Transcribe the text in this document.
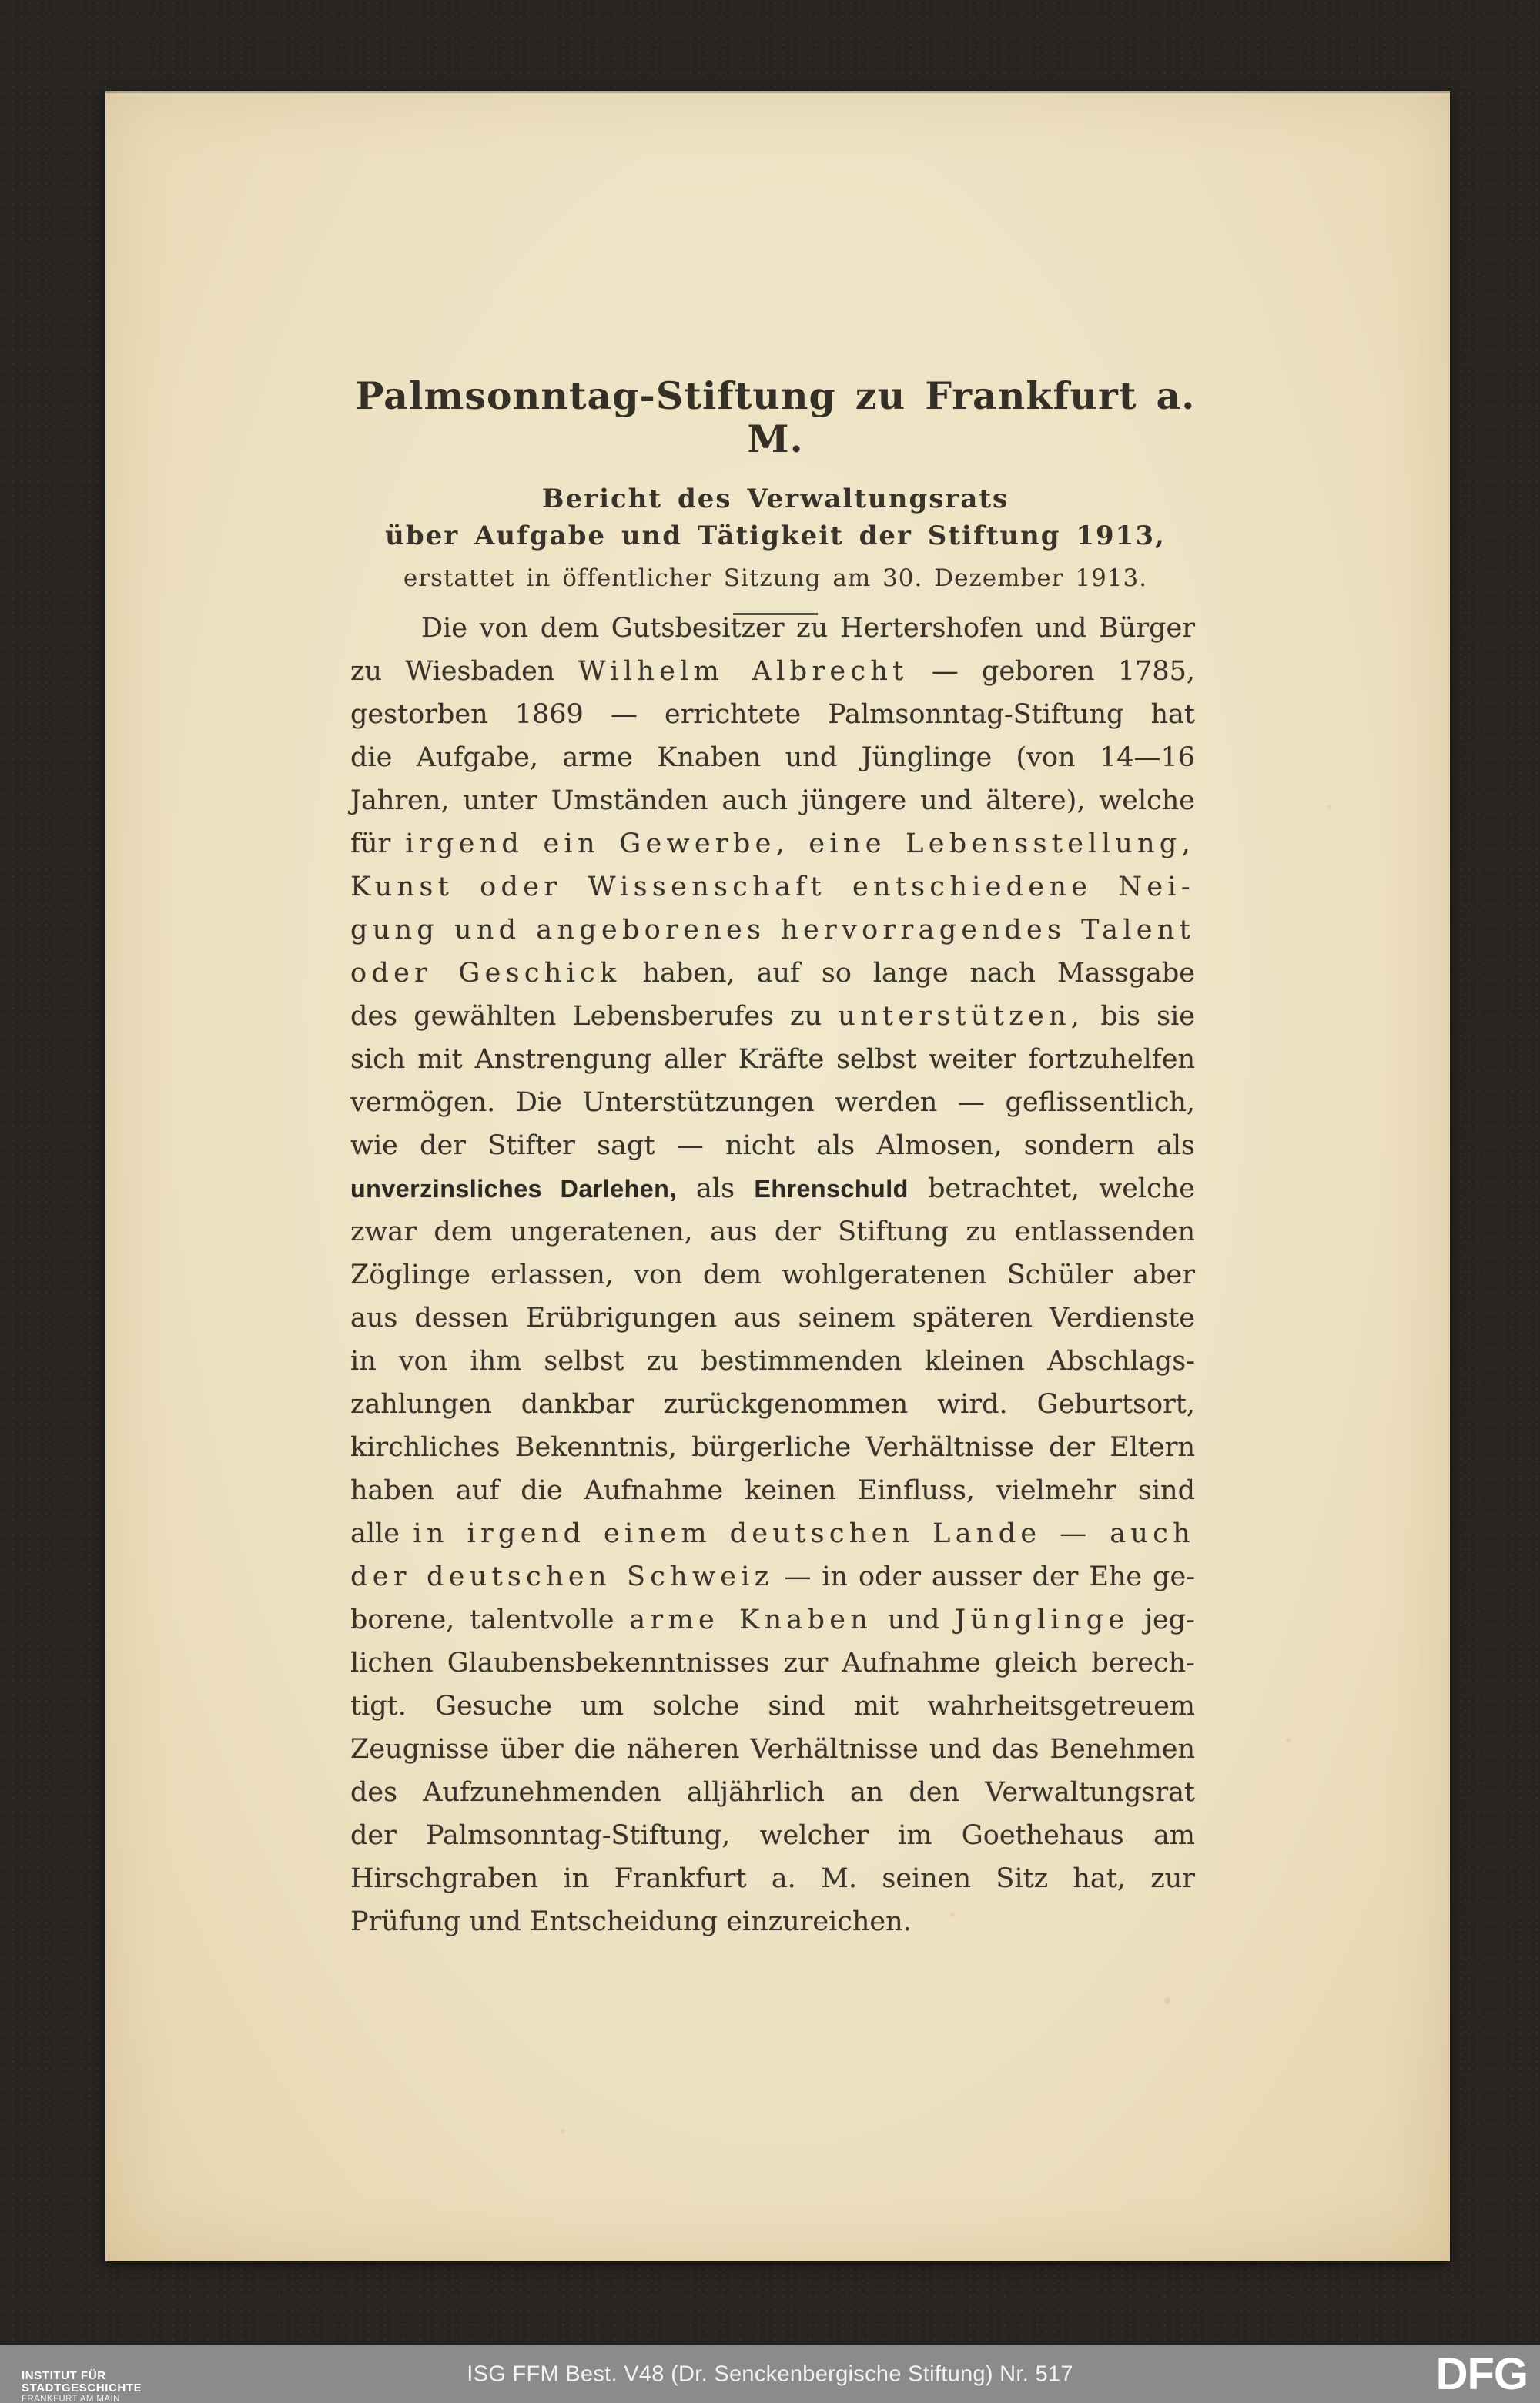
Palmsonntag-Stiftung zu Frankfurt a. M.
Bericht des Verwaltungsrats
über Aufgabe und Tätigkeit der Stiftung 1913,
erstattet in öffentlicher Sitzung am 30. Dezember 1913.
Die von dem Gutsbesitzer zu Hertershofen und Bürger
zu Wiesbaden Wilhelm Albrecht — geboren 1785,
gestorben 1869 — errichtete Palmsonntag-Stiftung hat
die Aufgabe, arme Knaben und Jünglinge (von 14—16
Jahren, unter Umständen auch jüngere und ältere), welche
für irgend ein Gewerbe, eine Lebensstellung,
Kunst oder Wissenschaft entschiedene Nei-
gung und angeborenes hervorragendes Talent
oder Geschick haben, auf so lange nach Massgabe
des gewählten Lebensberufes zu unterstützen, bis sie
sich mit Anstrengung aller Kräfte selbst weiter fortzuhelfen
vermögen. Die Unterstützungen werden — geflissentlich,
wie der Stifter sagt — nicht als Almosen, sondern als
unverzinsliches Darlehen, als Ehrenschuld betrachtet, welche
zwar dem ungeratenen, aus der Stiftung zu entlassenden
Zöglinge erlassen, von dem wohlgeratenen Schüler aber
aus dessen Erübrigungen aus seinem späteren Verdienste
in von ihm selbst zu bestimmenden kleinen Abschlags-
zahlungen dankbar zurückgenommen wird. Geburtsort,
kirchliches Bekenntnis, bürgerliche Verhältnisse der Eltern
haben auf die Aufnahme keinen Einfluss, vielmehr sind
alle in irgend einem deutschen Lande — auch
der deutschen Schweiz — in oder ausser der Ehe ge-
borene, talentvolle arme Knaben und Jünglinge jeg-
lichen Glaubensbekenntnisses zur Aufnahme gleich berech-
tigt. Gesuche um solche sind mit wahrheitsgetreuem
Zeugnisse über die näheren Verhältnisse und das Benehmen
des Aufzunehmenden alljährlich an den Verwaltungsrat
der Palmsonntag-Stiftung, welcher im Goethehaus am
Hirschgraben in Frankfurt a. M. seinen Sitz hat, zur
Prüfung und Entscheidung einzureichen.
INSTITUT FÜR
STADTGESCHICHTE
FRANKFURT AM MAIN
ISG FFM Best. V48 (Dr. Senckenbergische Stiftung) Nr. 517	DFG
